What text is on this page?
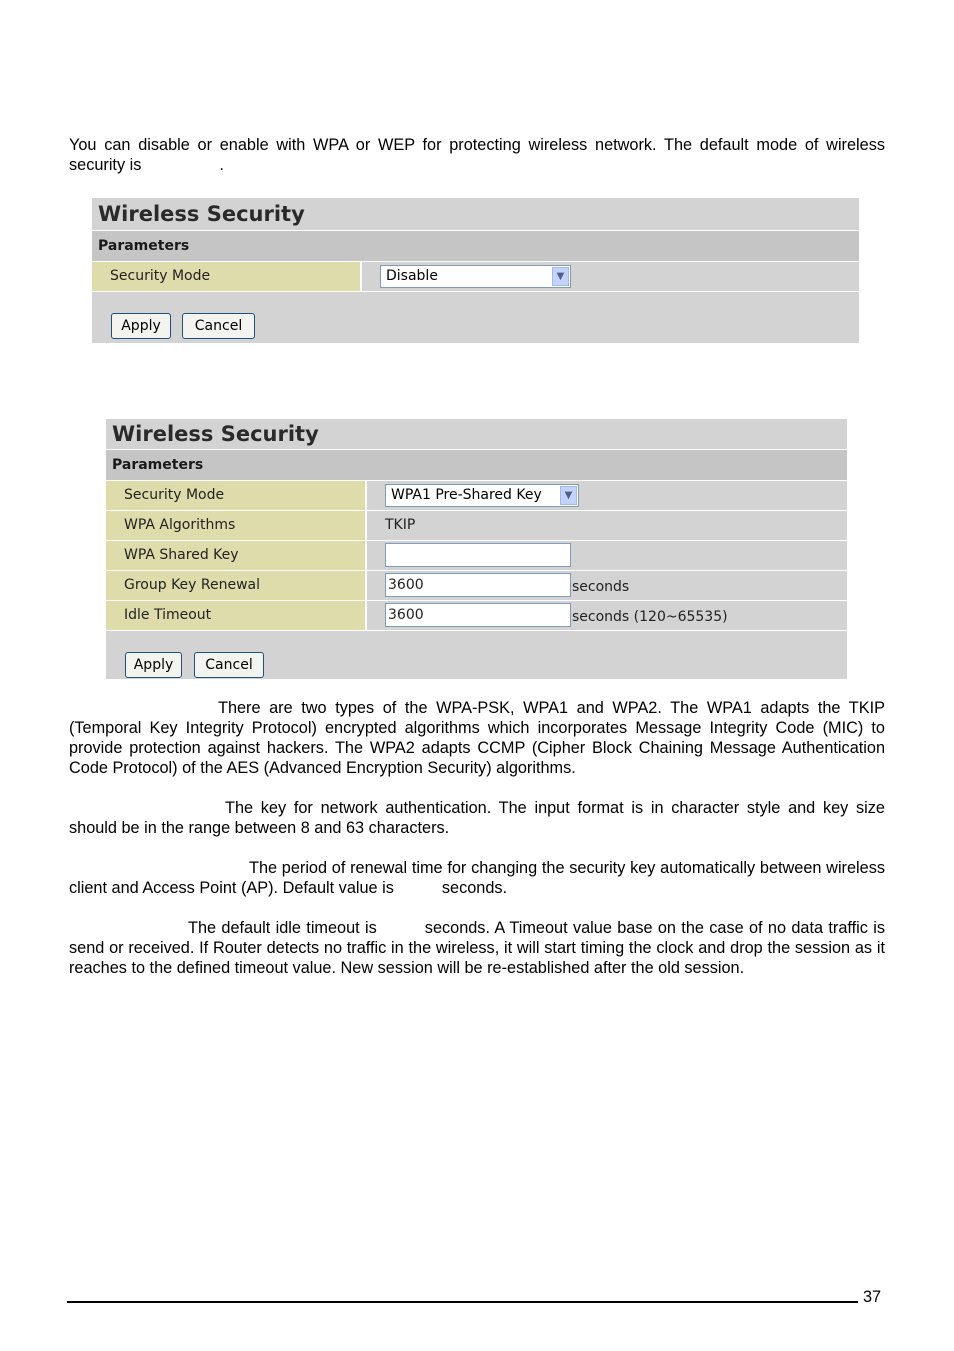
You can disable or enable with WPA or WEP for protecting wireless network. The default mode of wireless security is	.

Wireless Security
Parameters
Security Mode	Disable	▼
Apply	Cancel
Wireless Security
Parameters
Security Mode	WPA1 Pre-Shared Key	▼
WPA Algorithms	TKIP
WPA Shared Key
Group Key Renewal	3600	seconds
Idle Timeout	3600	seconds (120~65535)
Apply	Cancel

There are two types of the WPA-PSK, WPA1 and WPA2. The WPA1 adapts the TKIP (Temporal Key Integrity Protocol) encrypted algorithms which incorporates Message Integrity Code (MIC) to provide protection against hackers. The WPA2 adapts CCMP (Cipher Block Chaining Message Authentication Code Protocol) of the AES (Advanced Encryption Security) algorithms.

The key for network authentication. The input format is in character style and key size should be in the range between 8 and 63 characters.

The period of renewal time for changing the security key automatically between wireless client and Access Point (AP). Default value is	seconds.

The default idle timeout is	seconds. A Timeout value base on the case of no data traffic is send or received. If Router detects no traffic in the wireless, it will start timing the clock and drop the session as it reaches to the defined timeout value. New session will be re-established after the old session.

37
